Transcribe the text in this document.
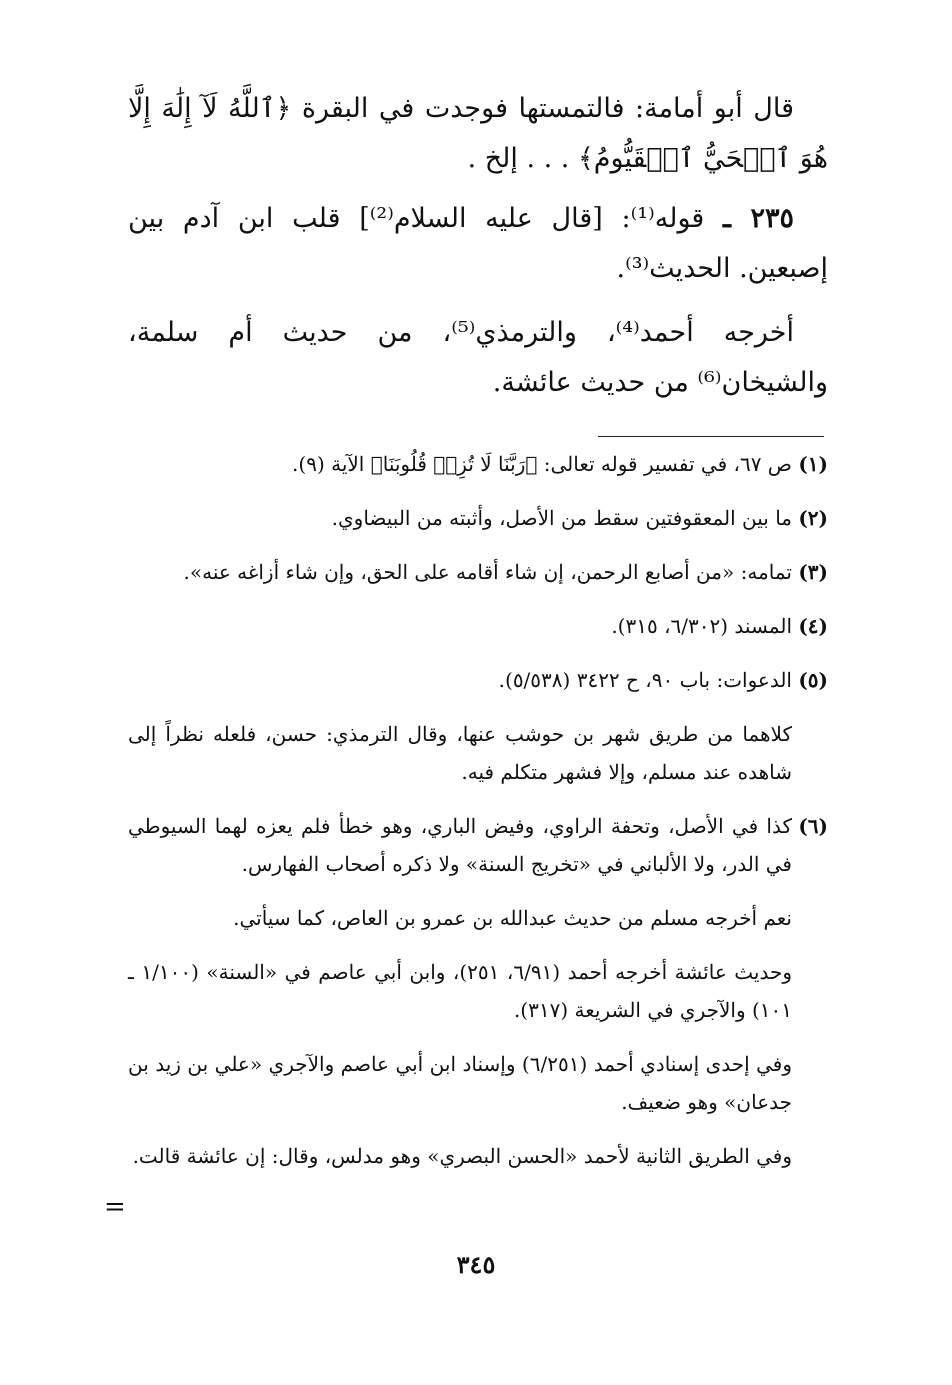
قال أبو أمامة: فالتمستها فوجدت في البقرة ﴿ٱللَّهُ لَآ إِلَٰهَ إِلَّا هُوَ ٱلۡحَيُّ ٱلۡقَيُّومُ﴾ . . . إلخ .

٢٣٥ ـ قوله⁽¹⁾: [قال عليه السلام⁽²⁾] قلب ابن آدم بين إصبعين. الحديث⁽³⁾.

أخرجه أحمد⁽⁴⁾، والترمذي⁽⁵⁾، من حديث أم سلمة، والشيخان⁽⁶⁾ من حديث عائشة.

(١)
ص ٦٧، في تفسير قوله تعالى: ﴿رَبَّنَا لَا تُزِغۡ قُلُوبَنَا﴾ الآية (٩).
(٢)
ما بين المعقوفتين سقط من الأصل، وأثبته من البيضاوي.
(٣)
تمامه: «من أصابع الرحمن، إن شاء أقامه على الحق، وإن شاء أزاغه عنه».
(٤)
المسند (٦/٣٠٢، ٣١٥).
(٥)
الدعوات: باب ٩٠، ح ٣٤٢٢ (٥/٥٣٨).
كلاهما من طريق شهر بن حوشب عنها، وقال الترمذي: حسن، فلعله نظراً إلى شاهده عند مسلم، وإلا فشهر متكلم فيه.
(٦)
كذا في الأصل، وتحفة الراوي، وفيض الباري، وهو خطأ فلم يعزه لهما السيوطي في الدر، ولا الألباني في «تخريج السنة» ولا ذكره أصحاب الفهارس.
نعم أخرجه مسلم من حديث عبدالله بن عمرو بن العاص، كما سيأتي.
وحديث عائشة أخرجه أحمد (٦/٩١، ٢٥١)، وابن أبي عاصم في «السنة» (١/١٠٠ ـ ١٠١) والآجري في الشريعة (٣١٧).
وفي إحدى إسنادي أحمد (٦/٢٥١) وإسناد ابن أبي عاصم والآجري «علي بن زيد بن جدعان» وهو ضعيف.
وفي الطريق الثانية لأحمد «الحسن البصري» وهو مدلس، وقال: إن عائشة قالت.
=
٣٤٥
